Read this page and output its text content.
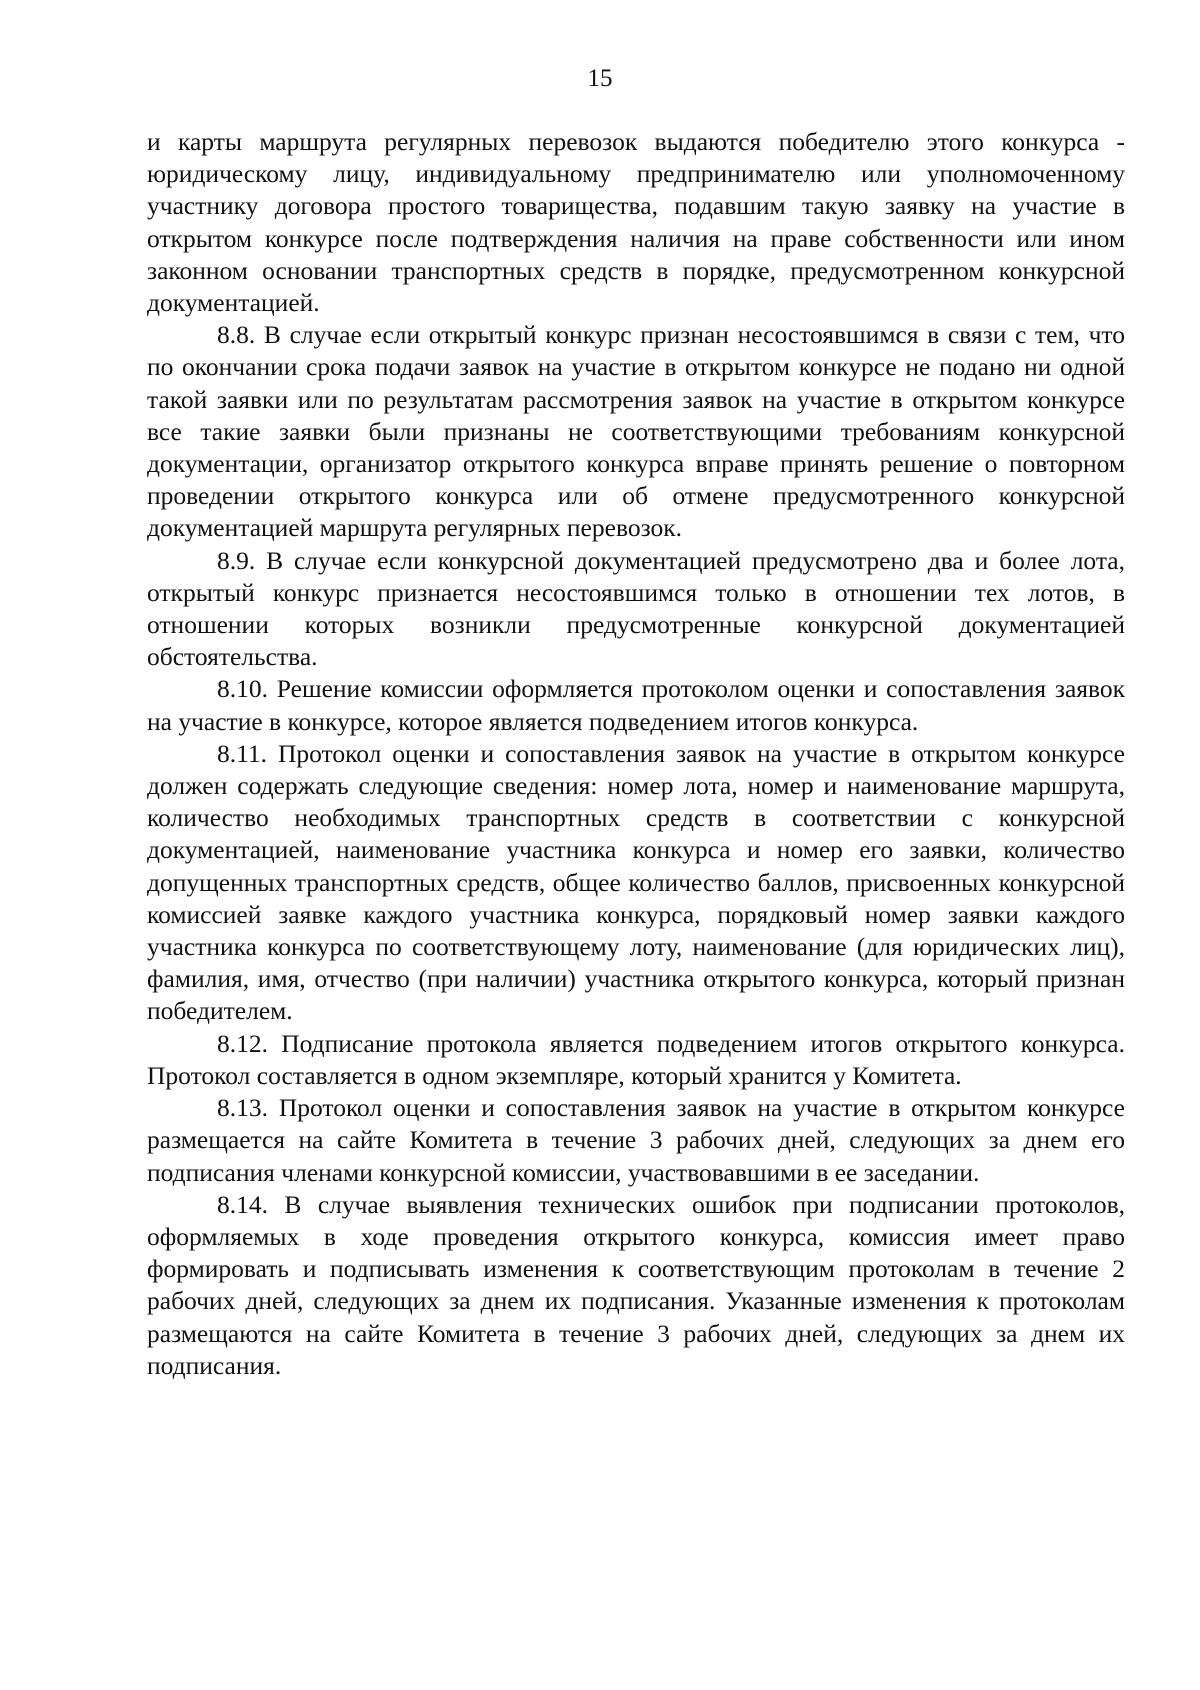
15

и карты маршрута регулярных перевозок выдаются победителю этого конкурса - юридическому лицу, индивидуальному предпринимателю или уполномоченному участнику договора простого товарищества, подавшим такую заявку на участие в открытом конкурсе после подтверждения наличия на праве собственности или ином законном основании транспортных средств в порядке, предусмотренном конкурсной документацией.

8.8. В случае если открытый конкурс признан несостоявшимся в связи с тем, что по окончании срока подачи заявок на участие в открытом конкурсе не подано ни одной такой заявки или по результатам рассмотрения заявок на участие в открытом конкурсе все такие заявки были признаны не соответствующими требованиям конкурсной документации, организатор открытого конкурса вправе принять решение о повторном проведении открытого конкурса или об отмене предусмотренного конкурсной документацией маршрута регулярных перевозок.

8.9. В случае если конкурсной документацией предусмотрено два и более лота, открытый конкурс признается несостоявшимся только в отношении тех лотов, в отношении которых возникли предусмотренные конкурсной документацией обстоятельства.

8.10. Решение комиссии оформляется протоколом оценки и сопоставления заявок на участие в конкурсе, которое является подведением итогов конкурса.

8.11. Протокол оценки и сопоставления заявок на участие в открытом конкурсе должен содержать следующие сведения: номер лота, номер и наименование маршрута, количество необходимых транспортных средств в соответствии с конкурсной документацией, наименование участника конкурса и номер его заявки, количество допущенных транспортных средств, общее количество баллов, присвоенных конкурсной комиссией заявке каждого участника конкурса, порядковый номер заявки каждого участника конкурса по соответствующему лоту, наименование (для юридических лиц), фамилия, имя, отчество (при наличии) участника открытого конкурса, который признан победителем.

8.12. Подписание протокола является подведением итогов открытого конкурса. Протокол составляется в одном экземпляре, который хранится у Комитета.

8.13. Протокол оценки и сопоставления заявок на участие в открытом конкурсе размещается на сайте Комитета в течение 3 рабочих дней, следующих за днем его подписания членами конкурсной комиссии, участвовавшими в ее заседании.

8.14. В случае выявления технических ошибок при подписании протоколов, оформляемых в ходе проведения открытого конкурса, комиссия имеет право формировать и подписывать изменения к соответствующим протоколам в течение 2 рабочих дней, следующих за днем их подписания. Указанные изменения к протоколам размещаются на сайте Комитета в течение 3 рабочих дней, следующих за днем их подписания.
